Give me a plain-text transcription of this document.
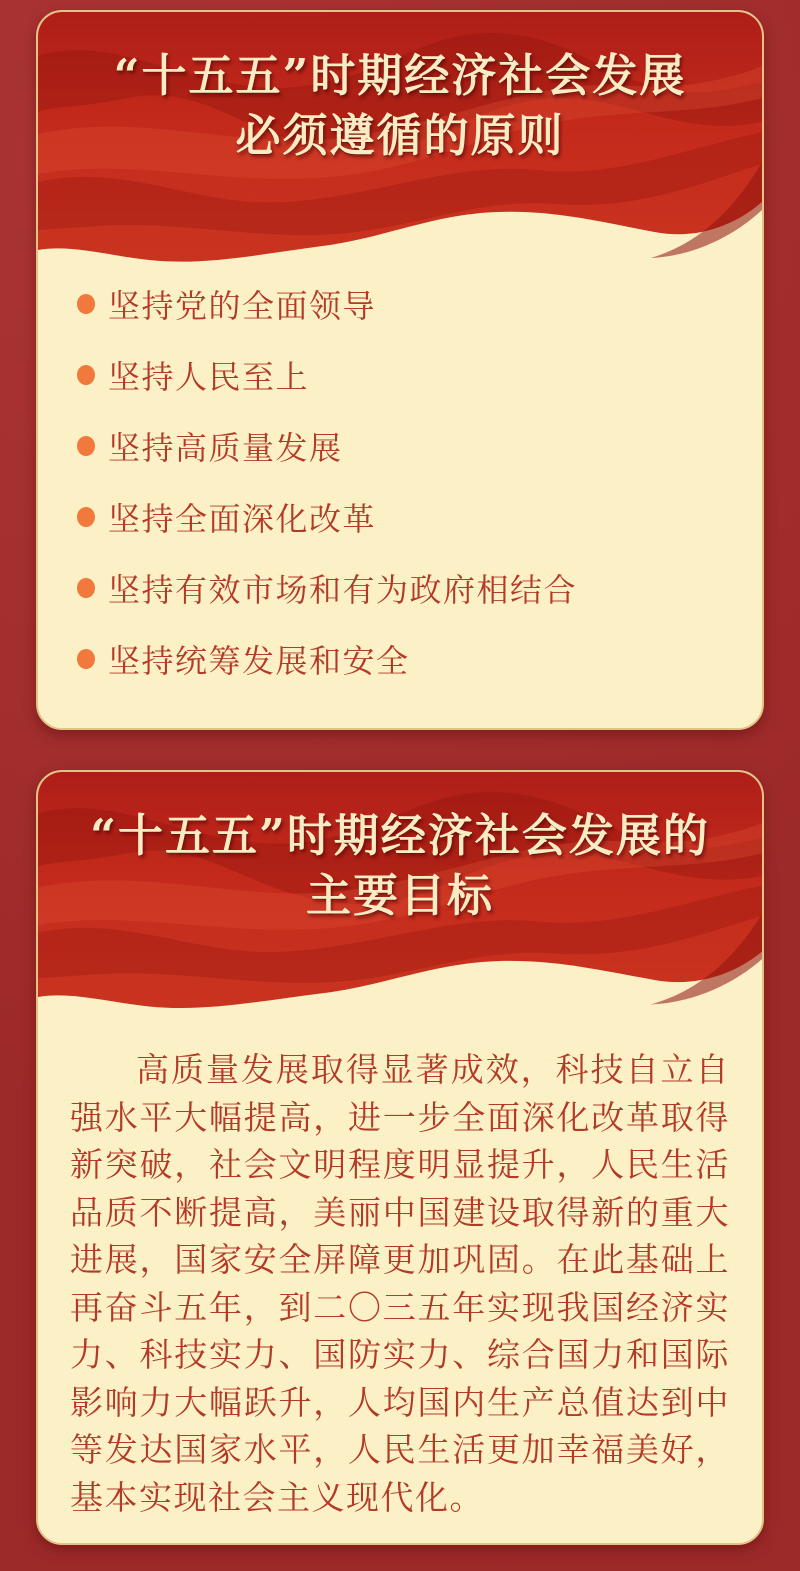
“十五五”时期经济社会发展
必须遵循的原则
坚持党的全面领导
坚持人民至上
坚持高质量发展
坚持全面深化改革
坚持有效市场和有为政府相结合
坚持统筹发展和安全
“十五五”时期经济社会发展的
主要目标

高质量发展取得显著成效，科技自立自强水平大幅提高，进一步全面深化改革取得新突破，社会文明程度明显提升，人民生活品质不断提高，美丽中国建设取得新的重大进展，国家安全屏障更加巩固。在此基础上再奋斗五年，到二〇三五年实现我国经济实力、科技实力、国防实力、综合国力和国际影响力大幅跃升，人均国内生产总值达到中等发达国家水平，人民生活更加幸福美好，基本实现社会主义现代化。
